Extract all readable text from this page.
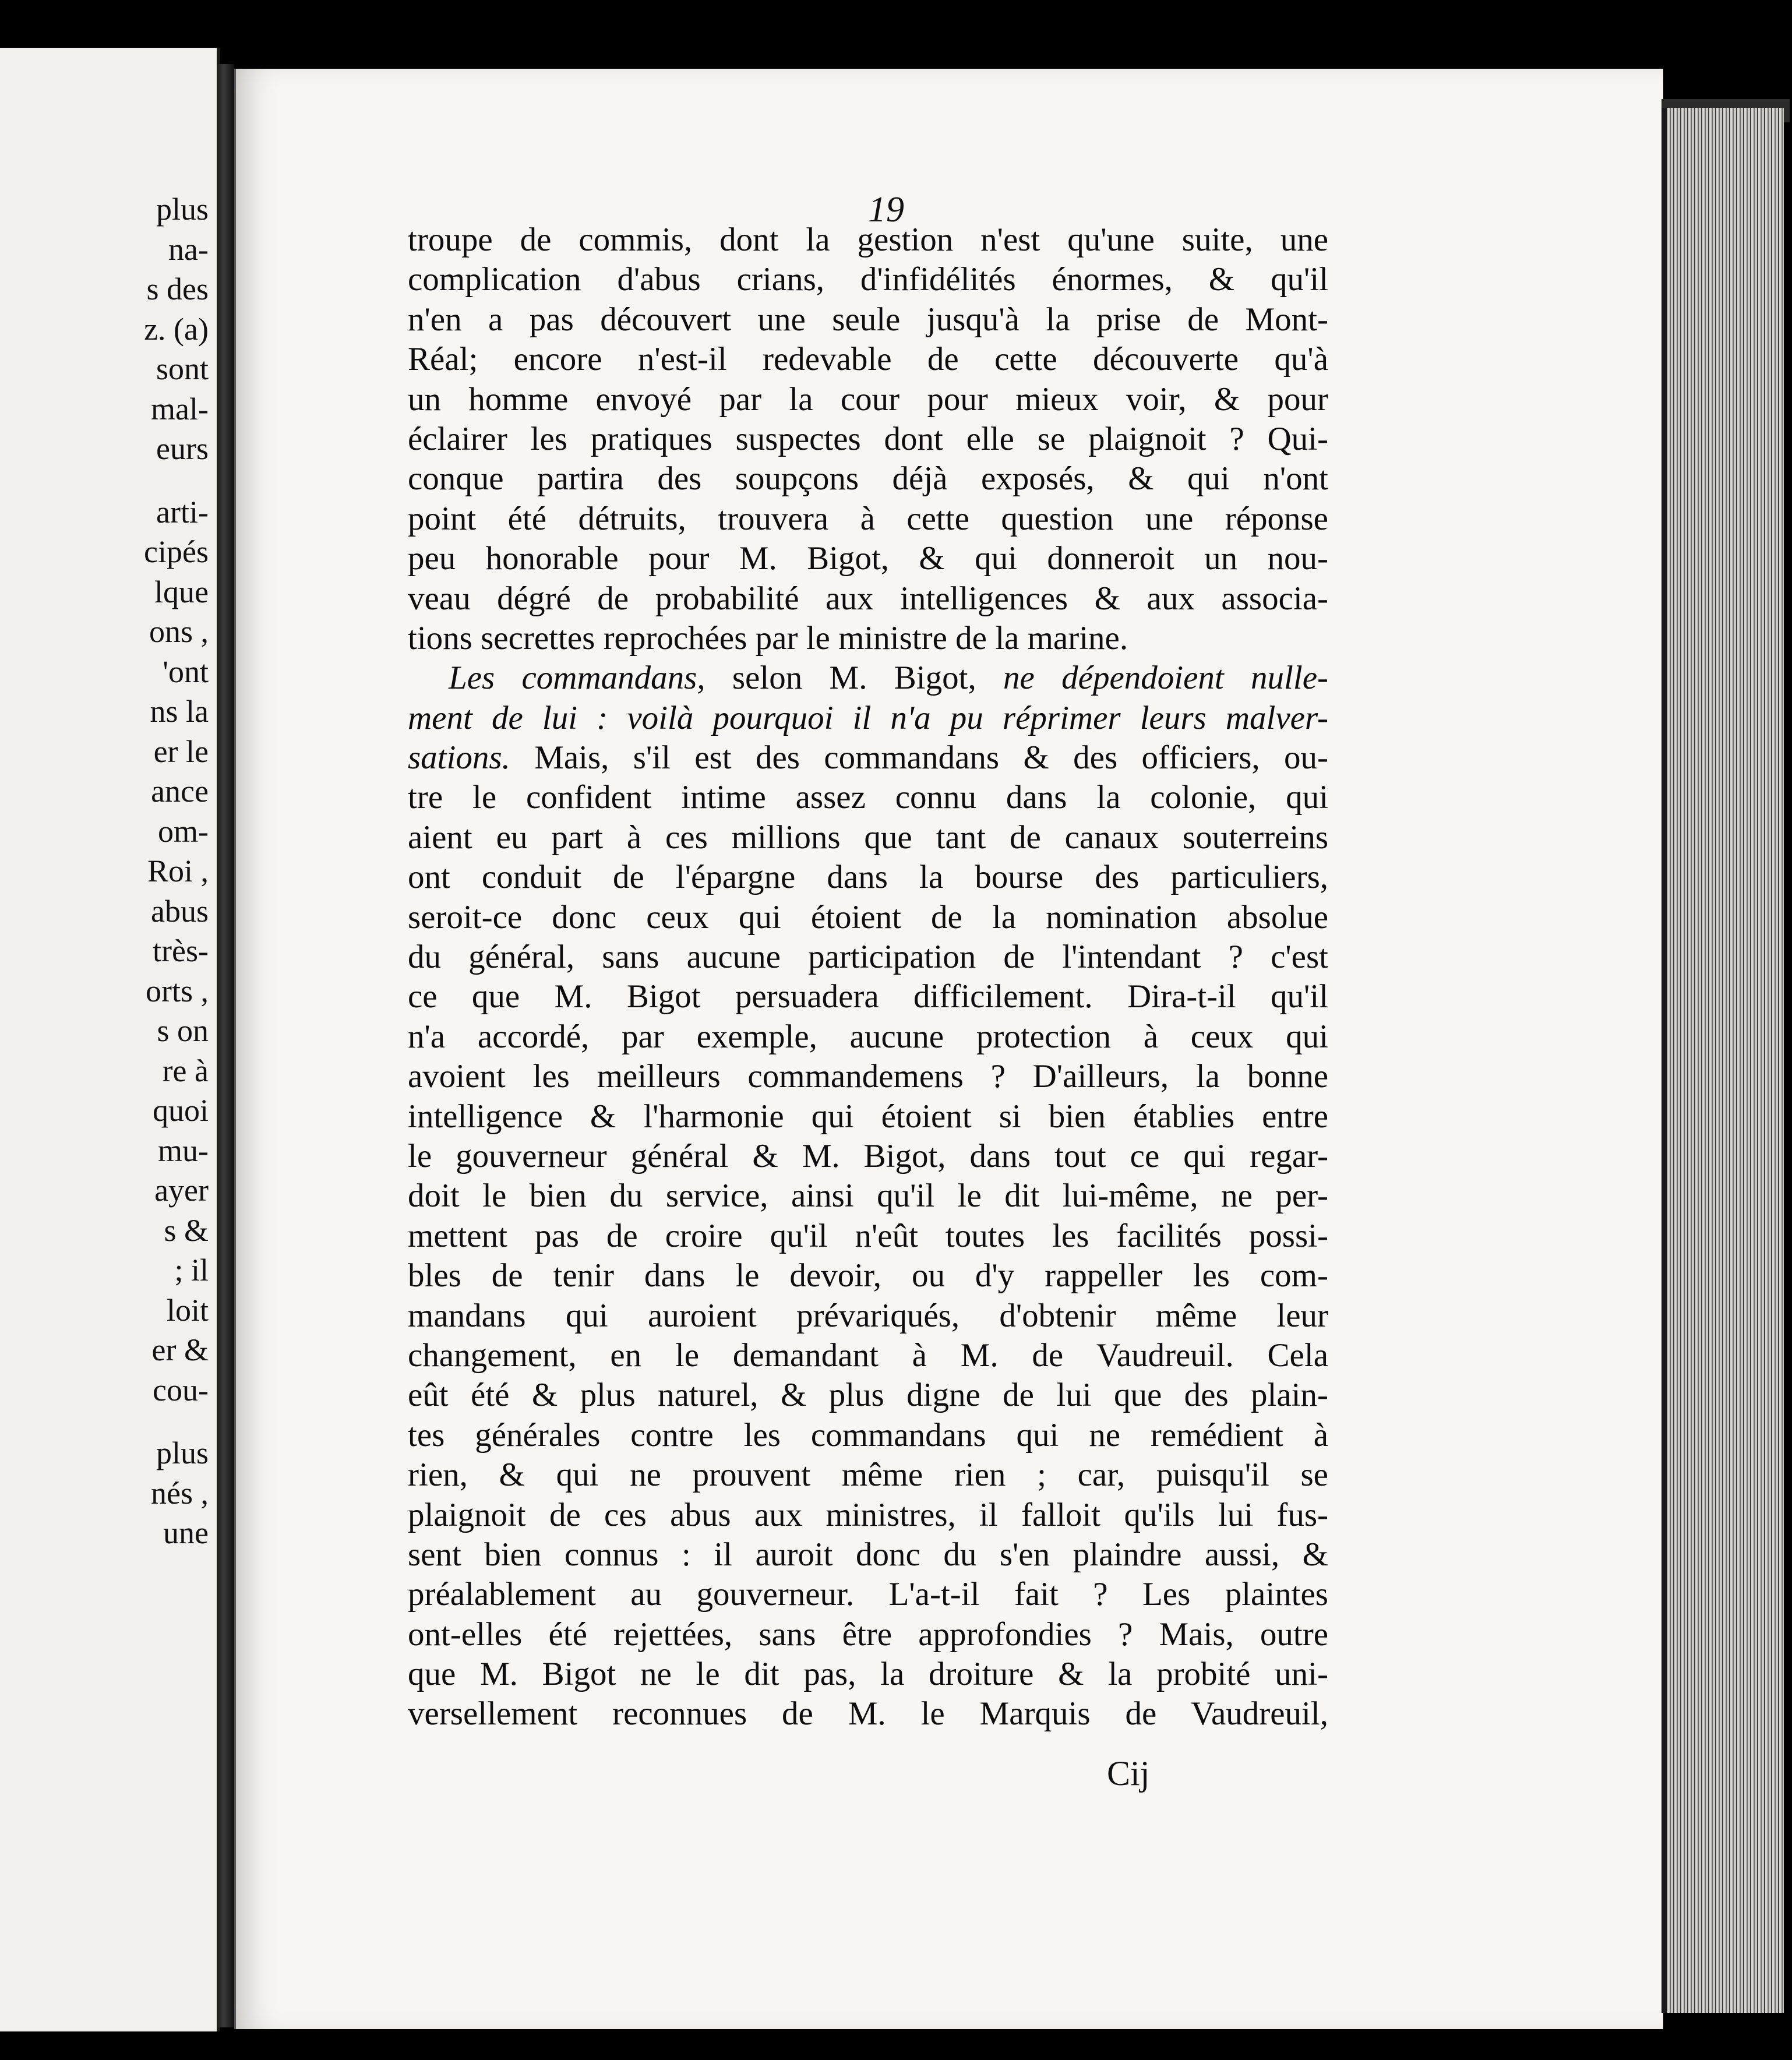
plus
na-
s des
z. (a)
sont
mal-
eurs
arti-
cipés
lque
ons ,
'ont
ns la
er le
ance
om-
Roi ,
abus
très-
orts ,
s on
re à
quoi
mu-
ayer
s &
; il
loit
er &
cou-
plus
nés ,
une
19
troupe de commis, dont la gestion n'est qu'une suite, une
complication d'abus crians, d'infidélités énormes, & qu'il
n'en a pas découvert une seule jusqu'à la prise de Mont-
Réal; encore n'est-il redevable de cette découverte qu'à
un homme envoyé par la cour pour mieux voir, & pour
éclairer les pratiques suspectes dont elle se plaignoit ? Qui-
conque partira des soupçons déjà exposés, & qui n'ont
point été détruits, trouvera à cette question une réponse
peu honorable pour M. Bigot, & qui donneroit un nou-
veau dégré de probabilité aux intelligences & aux associa-
tions secrettes reprochées par le ministre de la marine.
Les commandans, selon M. Bigot, ne dépendoient nulle-
ment de lui : voilà pourquoi il n'a pu réprimer leurs malver-
sations. Mais, s'il est des commandans & des officiers, ou-
tre le confident intime assez connu dans la colonie, qui
aient eu part à ces millions que tant de canaux souterreins
ont conduit de l'épargne dans la bourse des particuliers,
seroit-ce donc ceux qui étoient de la nomination absolue
du général, sans aucune participation de l'intendant ? c'est
ce que M. Bigot persuadera difficilement. Dira-t-il qu'il
n'a accordé, par exemple, aucune protection à ceux qui
avoient les meilleurs commandemens ? D'ailleurs, la bonne
intelligence & l'harmonie qui étoient si bien établies entre
le gouverneur général & M. Bigot, dans tout ce qui regar-
doit le bien du service, ainsi qu'il le dit lui-même, ne per-
mettent pas de croire qu'il n'eût toutes les facilités possi-
bles de tenir dans le devoir, ou d'y rappeller les com-
mandans qui auroient prévariqués, d'obtenir même leur
changement, en le demandant à M. de Vaudreuil. Cela
eût été & plus naturel, & plus digne de lui que des plain-
tes générales contre les commandans qui ne remédient à
rien, & qui ne prouvent même rien ; car, puisqu'il se
plaignoit de ces abus aux ministres, il falloit qu'ils lui fus-
sent bien connus : il auroit donc du s'en plaindre aussi, &
préalablement au gouverneur. L'a-t-il fait ? Les plaintes
ont-elles été rejettées, sans être approfondies ? Mais, outre
que M. Bigot ne le dit pas, la droiture & la probité uni-
versellement reconnues de M. le Marquis de Vaudreuil,
Cij
